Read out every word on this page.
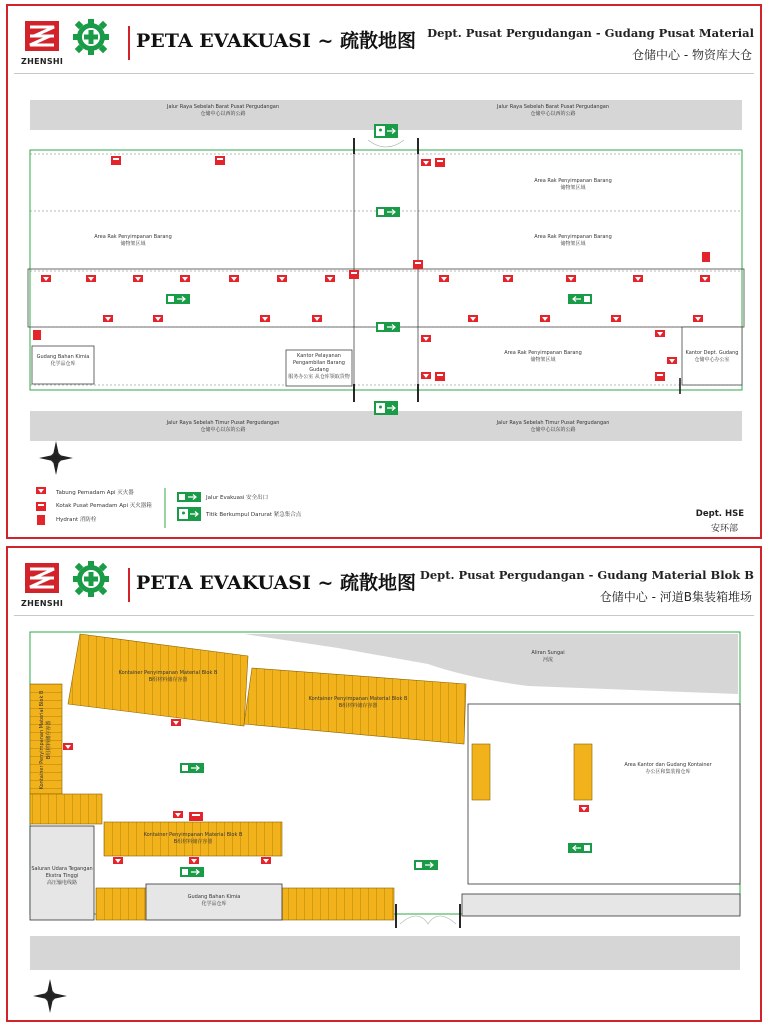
ZHENSHI
PETA EVAKUASI ~ 疏散地图 Dept. Pusat Pergudangan - Gudang Pusat Material
仓储中心 - 物资库大仓
Jalur Raya Sebelah Barat Pusat Pergudangan
仓储中心以西的公路
Jalur Raya Sebelah Barat Pusat Pergudangan
仓储中心以西的公路
Area Rak Penyimpanan Barang
储物架区域
Area Rak Penyimpanan Barang
储物架区域
Area Rak Penyimpanan Barang
储物架区域
Gudang Bahan Kimia
化学品仓库
Kantor Pelayanan Pengambilan Barang Gudang
服务办公室 从仓库领取货物
Area Rak Penyimpanan Barang
储物架区域
Kantor Dept. Gudang
仓储中心办公室
Jalur Raya Sebelah Timur Pusat Pergudangan
仓储中心以东的公路
Jalur Raya Sebelah Timur Pusat Pergudangan
仓储中心以东的公路
Tabung Pemadam Api 灭火器
Kotak Pusat Pemadam Api 灭火器箱
Hydrant 消防栓
Jalur Evakuasi 安全出口
Titik Berkumpul Darurat 紧急集合点	Dept. HSE
安环部
ZHENSHI
PETA EVAKUASI ~ 疏散地图 Dept. Pusat Pergudangan - Gudang Material Blok B
仓储中心 - 河道B集装箱堆场
Aliran Sungai
河流
Kontainer Penyimpanan Material Blok B
B组材料储存容器
Kontainer Penyimpanan Material Blok B
B组材料储存容器
Kontainer Penyimpanan Material Blok B
B组材料储存容器
Kontainer Penyimpanan Material Blok B
B组材料储存容器
Area Kantor dan Gudang Kontainer
办公区和集装箱仓库
Saluran Udara Tegangan Ekstra Tinggi
高压输电线路
Gudang Bahan Kimia
化学品仓库
